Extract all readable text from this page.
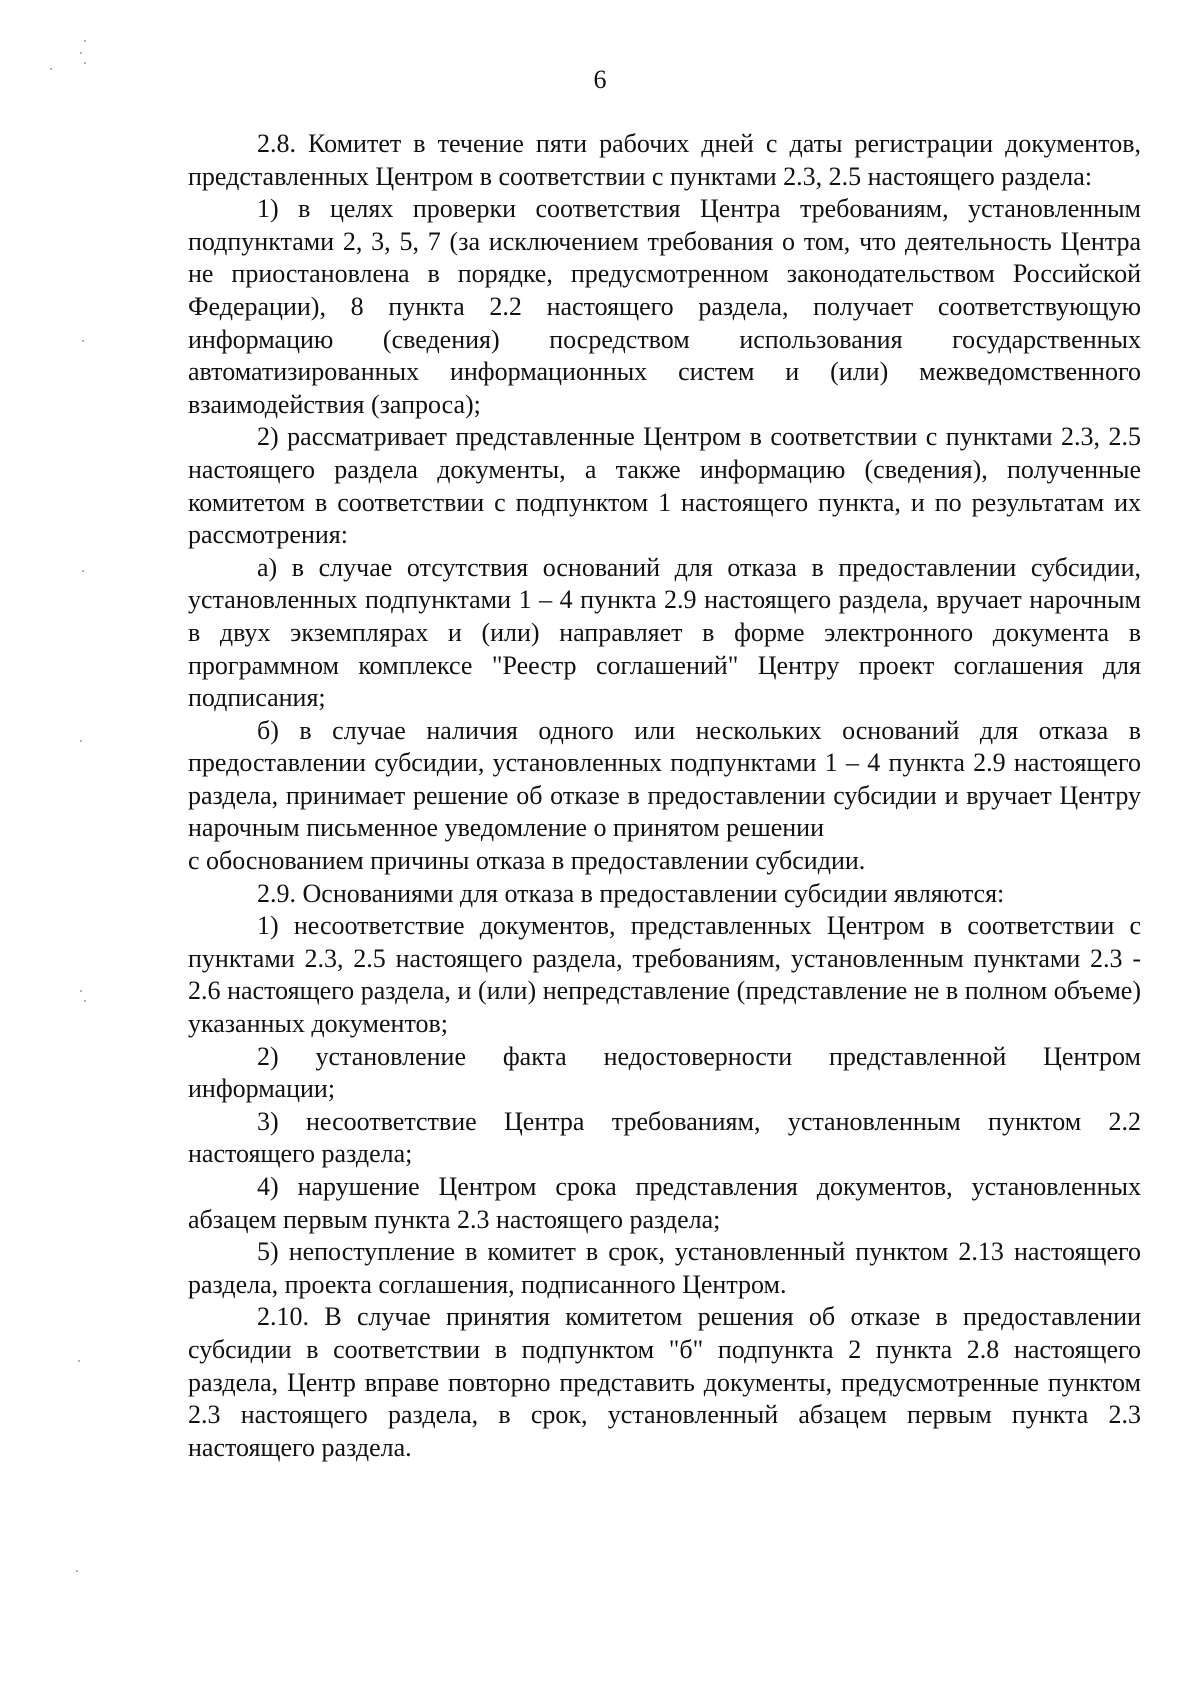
6

2.8. Комитет в течение пяти рабочих дней с даты регистрации документов, представленных Центром в соответствии с пунктами 2.3, 2.5 настоящего раздела:

1) в целях проверки соответствия Центра требованиям, установленным подпунктами 2, 3, 5, 7 (за исключением требования о том, что деятельность Центра не приостановлена в порядке, предусмотренном законодательством Российской Федерации), 8 пункта 2.2 настоящего раздела, получает соответствующую информацию (сведения) посредством использования государственных автоматизированных информационных систем и (или) межведомственного взаимодействия (запроса);

2) рассматривает представленные Центром в соответствии с пунктами 2.3, 2.5 настоящего раздела документы, а также информацию (сведения), полученные комитетом в соответствии с подпунктом 1 настоящего пункта, и по результатам их рассмотрения:

а) в случае отсутствия оснований для отказа в предоставлении субсидии, установленных подпунктами 1 – 4 пункта 2.9 настоящего раздела, вручает нарочным в двух экземплярах и (или) направляет в форме электронного документа в программном комплексе "Реестр соглашений" Центру проект соглашения для подписания;

б) в случае наличия одного или нескольких оснований для отказа в предоставлении субсидии, установленных подпунктами 1 – 4 пункта 2.9 настоящего раздела, принимает решение об отказе в предоставлении субсидии и вручает Центру нарочным письменное уведомление о принятом решении

с обоснованием причины отказа в предоставлении субсидии.

2.9. Основаниями для отказа в предоставлении субсидии являются:

1) несоответствие документов, представленных Центром в соответствии с пунктами 2.3, 2.5 настоящего раздела, требованиям, установленным пунктами 2.3 - 2.6 настоящего раздела, и (или) непредставление (представление не в полном объеме) указанных документов;

2) установление факта недостоверности представленной Центром информации;

3) несоответствие Центра требованиям, установленным пунктом 2.2 настоящего раздела;

4) нарушение Центром срока представления документов, установленных абзацем первым пункта 2.3 настоящего раздела;

5) непоступление в комитет в срок, установленный пунктом 2.13 настоящего раздела, проекта соглашения, подписанного Центром.

2.10. В случае принятия комитетом решения об отказе в предоставлении субсидии в соответствии в подпунктом "б" подпункта 2 пункта 2.8 настоящего раздела, Центр вправе повторно представить документы, предусмотренные пунктом 2.3 настоящего раздела, в срок, установленный абзацем первым пункта 2.3 настоящего раздела.
